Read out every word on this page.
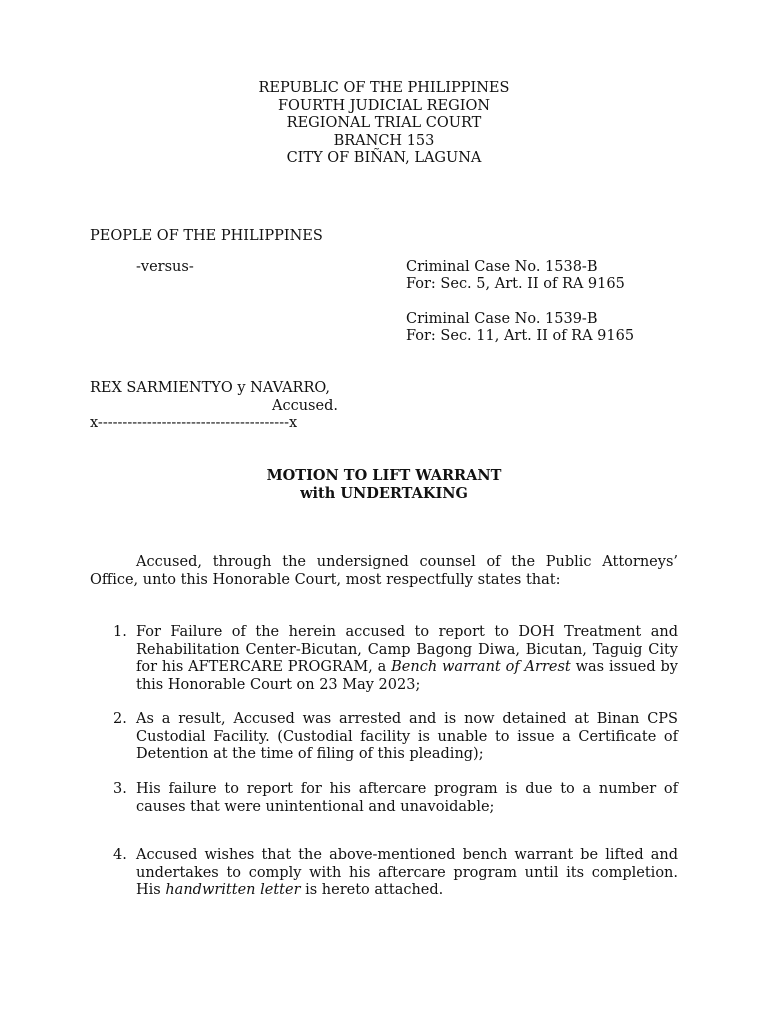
REPUBLIC OF THE PHILIPPINES
FOURTH JUDICIAL REGION
REGIONAL TRIAL COURT
BRANCH 153
CITY OF BIÑAN, LAGUNA
PEOPLE OF THE PHILIPPINES
-versus-	Criminal Case No. 1538-B
For: Sec. 5, Art. II of RA 9165
Criminal Case No. 1539-B
For: Sec. 11, Art. II of RA 9165
REX SARMIENTYO y NAVARRO,
Accused.
x---------------------------------------x
MOTION TO LIFT WARRANT
with UNDERTAKING
Accused, through the undersigned counsel of the Public Attorneys’ Office, unto this Honorable Court, most respectfully states that:
1. For Failure of the herein accused to report to DOH Treatment and Rehabilitation Center-Bicutan, Camp Bagong Diwa, Bicutan, Taguig City for his AFTERCARE PROGRAM, a Bench warrant of Arrest was issued by this Honorable Court on 23 May 2023;
2. As a result, Accused was arrested and is now detained at Binan CPS Custodial Facility. (Custodial facility is unable to issue a Certificate of Detention at the time of filing of this pleading);
3. His failure to report for his aftercare program is due to a number of causes that were unintentional and unavoidable;
4. Accused wishes that the above-mentioned bench warrant be lifted and undertakes to comply with his aftercare program until its completion. His handwritten letter is hereto attached.
